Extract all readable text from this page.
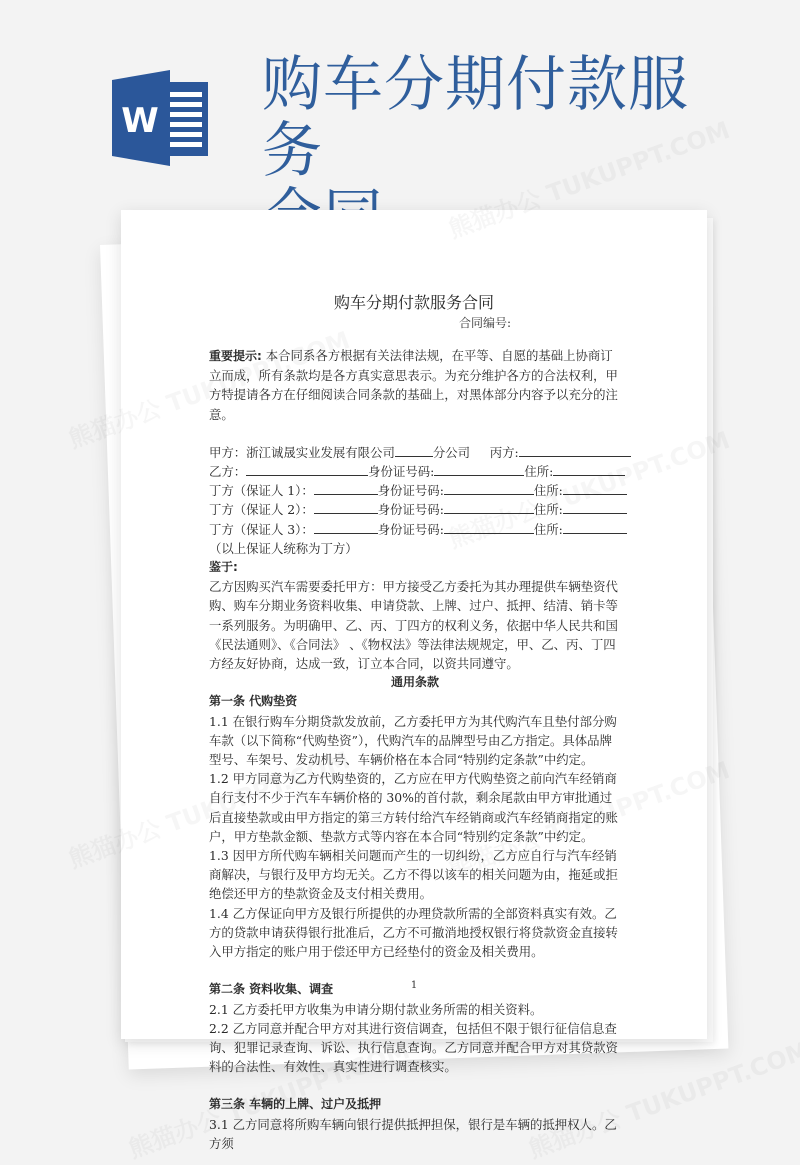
W
购车分期付款服务
购车分期付款服务合同
合同编号:

重要提示: 本合同系各方根据有关法律法规，在平等、自愿的基础上协商订立而成，所有条款均是各方真实意思表示。为充分维护各方的合法权利，甲方特提请各方在仔细阅读合同条款的基础上，对黑体部分内容予以充分的注意。

甲方：浙江诚晟实业发展有限公司	分公司 丙方:

乙方：	身份证号码:	住所:

丁方（保证人 1）：	身份证号码:	住所:

丁方（保证人 2）：	身份证号码:	住所:

丁方（保证人 3）：	身份证号码:	住所:

（以上保证人统称为丁方）

鉴于:

乙方因购买汽车需要委托甲方：甲方接受乙方委托为其办理提供车辆垫资代购、购车分期业务资料收集、申请贷款、上牌、过户、抵押、结清、销卡等一系列服务。为明确甲、乙、丙、丁四方的权利义务，依据中华人民共和国《民法通则》、《合同法》 、《物权法》等法律法规规定，甲、乙、丙、丁四方经友好协商，达成一致，订立本合同，以资共同遵守。

通用条款

第一条 代购垫资

1.1 在银行购车分期贷款发放前，乙方委托甲方为其代购汽车且垫付部分购车款（以下简称“代购垫资”），代购汽车的品牌型号由乙方指定。具体品牌型号、车架号、发动机号、车辆价格在本合同“特别约定条款”中约定。

1.2 甲方同意为乙方代购垫资的，乙方应在甲方代购垫资之前向汽车经销商自行支付不少于汽车车辆价格的 30%的首付款，剩余尾款由甲方审批通过后直接垫款或由甲方指定的第三方转付给汽车经销商或汽车经销商指定的账户，甲方垫款金额、垫款方式等内容在本合同“特别约定条款”中约定。

1.3 因甲方所代购车辆相关问题而产生的一切纠纷，乙方应自行与汽车经销商解决，与银行及甲方均无关。乙方不得以该车的相关问题为由，拖延或拒绝偿还甲方的垫款资金及支付相关费用。

1.4 乙方保证向甲方及银行所提供的办理贷款所需的全部资料真实有效。乙方的贷款申请获得银行批准后，乙方不可撤消地授权银行将贷款资金直接转入甲方指定的账户用于偿还甲方已经垫付的资金及相关费用。

第二条 资料收集、调查

2.1 乙方委托甲方收集为申请分期付款业务所需的相关资料。

2.2 乙方同意并配合甲方对其进行资信调查，包括但不限于银行征信信息查询、犯罪记录查询、诉讼、执行信息查询。乙方同意并配合甲方对其贷款资料的合法性、有效性、真实性进行调查核实。

第三条 车辆的上牌、过户及抵押

3.1 乙方同意将所购车辆向银行提供抵押担保，银行是车辆的抵押权人。乙方须

1
